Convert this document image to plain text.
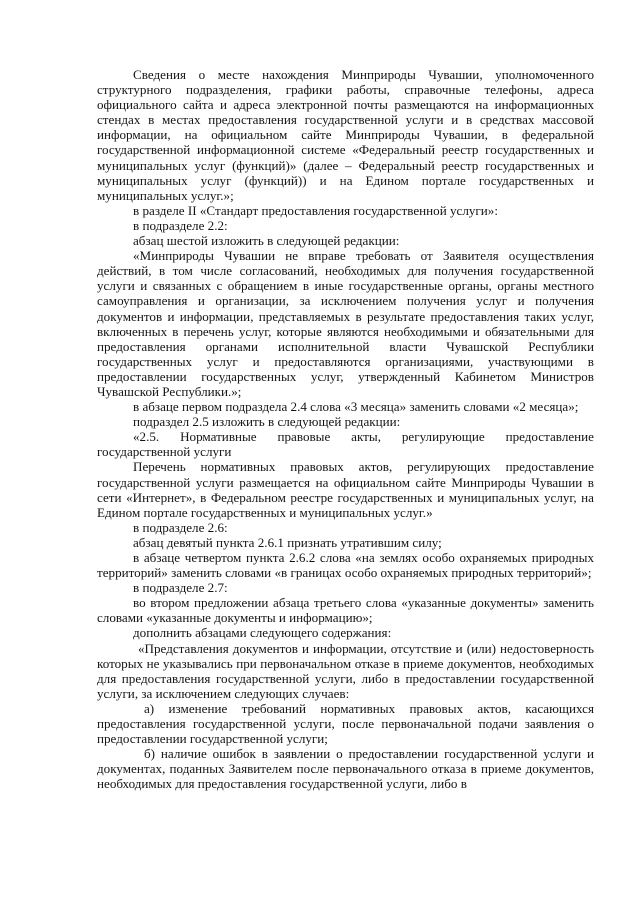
Сведения о месте нахождения Минприроды Чувашии, уполномоченного структурного подразделения, графики работы, справочные телефоны, адреса официального сайта и адреса электронной почты размещаются на информационных стендах в местах предоставления государственной услуги и в средствах массовой информации, на официальном сайте Минприроды Чувашии, в федеральной государственной информационной системе «Федеральный реестр государственных и муниципальных услуг (функций)» (далее – Федеральный реестр государственных и муниципальных услуг (функций)) и на Едином портале государственных и муниципальных услуг.»;

в разделе II «Стандарт предоставления государственной услуги»:

в подразделе 2.2:

абзац шестой изложить в следующей редакции:

«Минприроды Чувашии не вправе требовать от Заявителя осуществления действий, в том числе согласований, необходимых для получения государственной услуги и связанных с обращением в иные государственные органы, органы местного самоуправления и организации, за исключением получения услуг и получения документов и информации, представляемых в результате предоставления таких услуг, включенных в перечень услуг, которые являются необходимыми и обязательными для предоставления органами исполнительной власти Чувашской Республики государственных услуг и предоставляются организациями, участвующими в предоставлении государственных услуг, утвержденный Кабинетом Министров Чувашской Республики.»;

в абзаце первом подраздела 2.4 слова «3 месяца» заменить словами «2 месяца»;

подраздел 2.5 изложить в следующей редакции:

«2.5. Нормативные правовые акты, регулирующие предоставление государственной услуги

Перечень нормативных правовых актов, регулирующих предоставление государственной услуги размещается на официальном сайте Минприроды Чувашии в сети «Интернет», в Федеральном реестре государственных и муниципальных услуг, на Едином портале государственных и муниципальных услуг.»

в подразделе 2.6:

абзац девятый пункта 2.6.1 признать утратившим силу;

в абзаце четвертом пункта 2.6.2 слова «на землях особо охраняемых природных территорий» заменить словами «в границах особо охраняемых природных территорий»;

в подразделе 2.7:

во втором предложении абзаца третьего слова «указанные документы» заменить словами «указанные документы и информацию»;

дополнить абзацами следующего содержания:

«Представления документов и информации, отсутствие и (или) недостоверность которых не указывались при первоначальном отказе в приеме документов, необходимых для предоставления государственной услуги, либо в предоставлении государственной услуги, за исключением следующих случаев:

а) изменение требований нормативных правовых актов, касающихся предоставления государственной услуги, после первоначальной подачи заявления о предоставлении государственной услуги;

б) наличие ошибок в заявлении о предоставлении государственной услуги и документах, поданных Заявителем после первоначального отказа в приеме документов, необходимых для предоставления государственной услуги, либо в
